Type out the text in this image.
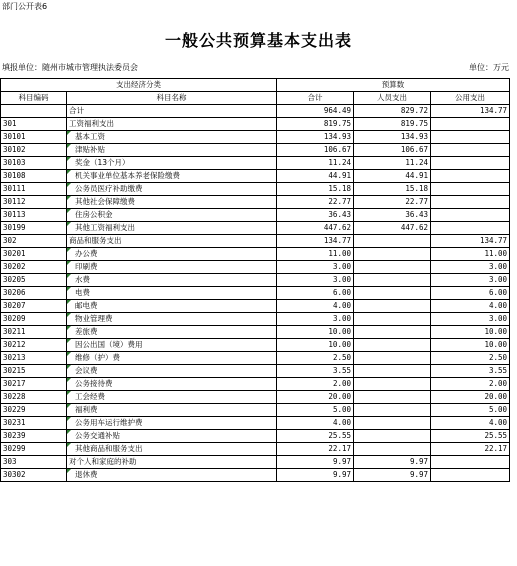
部门公开表6
一般公共预算基本支出表
填报单位：随州市城市管理执法委员会	单位：万元
支出经济分类		预算数		
科目编码	科目名称	合计	人员支出	公用支出
	合计	964.49	829.72	134.77
301	工资福利支出	819.75	819.75	
30101	基本工资	134.93	134.93	
30102	津贴补贴	106.67	106.67	
30103	奖金（13个月）	11.24	11.24	
30108	机关事业单位基本养老保险缴费	44.91	44.91	
30111	公务员医疗补助缴费	15.18	15.18	
30112	其他社会保障缴费	22.77	22.77	
30113	住房公积金	36.43	36.43	
30199	其他工资福利支出	447.62	447.62	
302	商品和服务支出	134.77		134.77
30201	办公费	11.00		11.00
30202	印刷费	3.00		3.00
30205	水费	3.00		3.00
30206	电费	6.00		6.00
30207	邮电费	4.00		4.00
30209	物业管理费	3.00		3.00
30211	差旅费	10.00		10.00
30212	因公出国（境）费用	10.00		10.00
30213	维修（护）费	2.50		2.50
30215	会议费	3.55		3.55
30217	公务接待费	2.00		2.00
30228	工会经费	20.00		20.00
30229	福利费	5.00		5.00
30231	公务用车运行维护费	4.00		4.00
30239	公务交通补贴	25.55		25.55
30299	其他商品和服务支出	22.17		22.17
303	对个人和家庭的补助	9.97	9.97	
30302	退休费	9.97	9.97	
